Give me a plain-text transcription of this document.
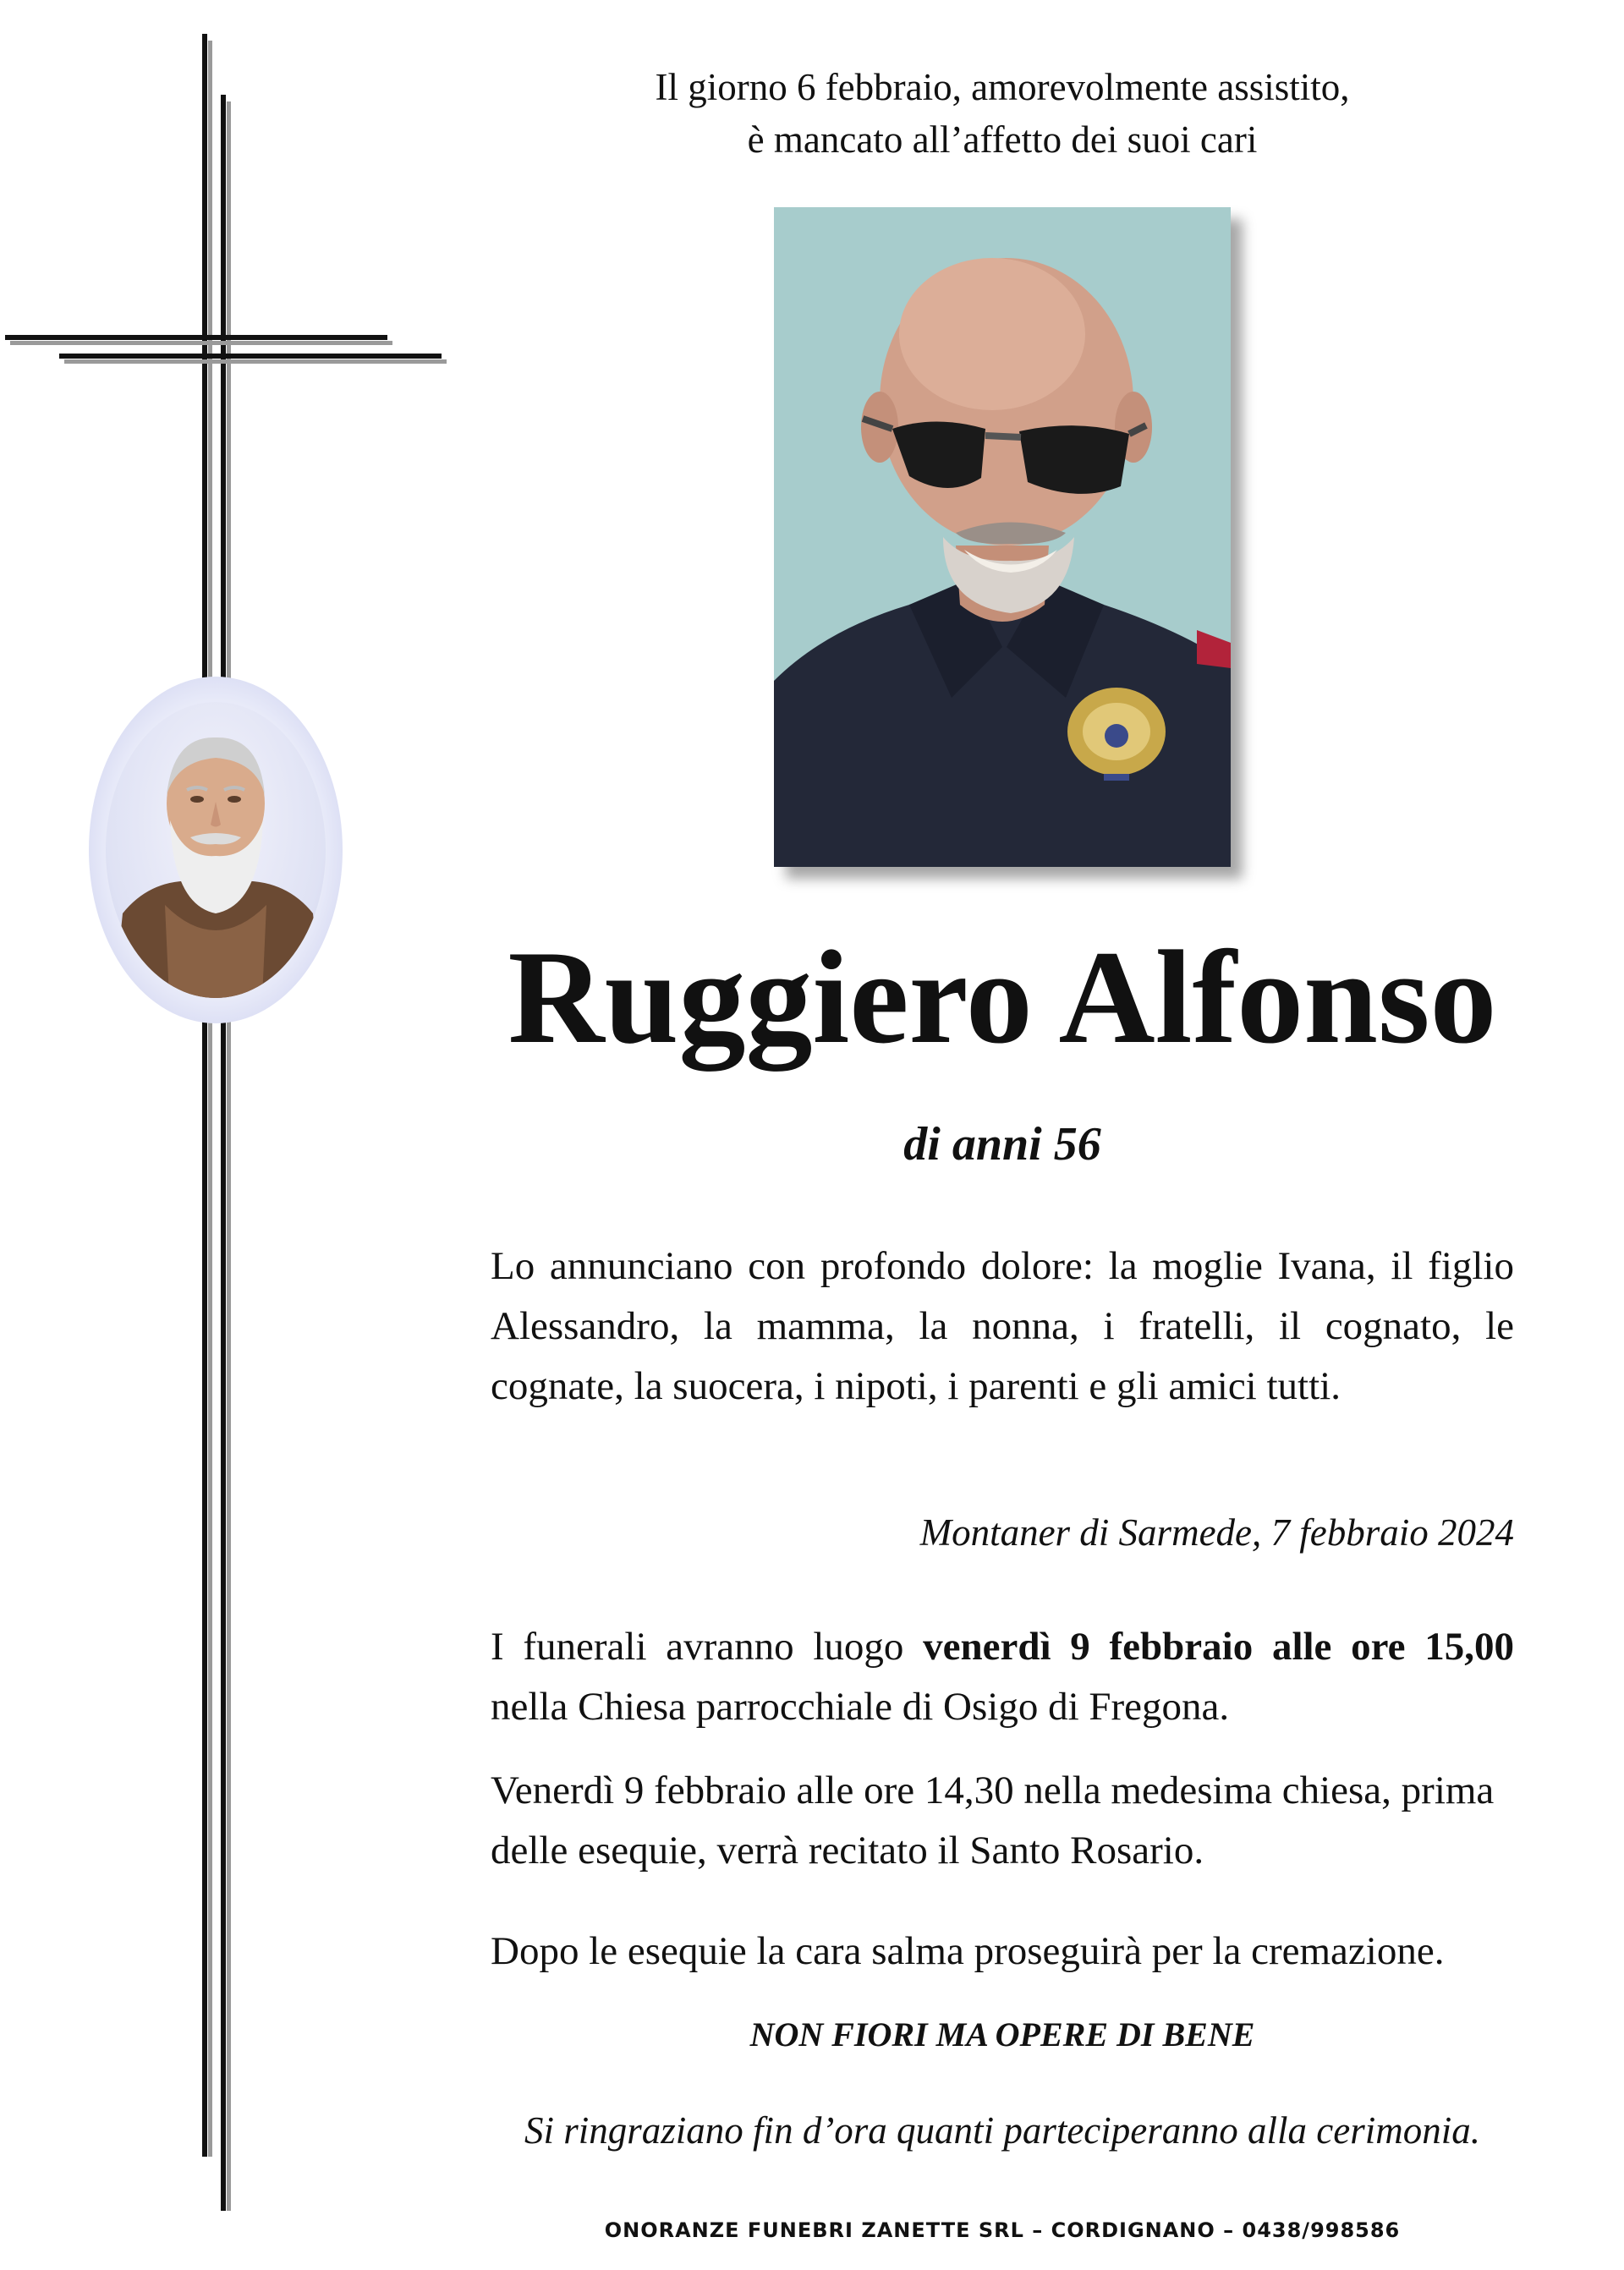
Il giorno 6 febbraio, amorevolmente assistito,
è mancato all’affetto dei suoi cari
Ruggiero Alfonso
di anni 56
Lo annunciano con profondo dolore: la moglie Ivana, il figlio Alessandro, la mamma, la nonna, i fratelli, il cognato, le cognate, la suocera, i nipoti, i parenti e gli amici tutti.
Montaner di Sarmede, 7 febbraio 2024
I funerali avranno luogo venerdì 9 febbraio alle ore 15,00 nella Chiesa parrocchiale di Osigo di Fregona.
Venerdì 9 febbraio alle ore 14,30 nella medesima chiesa, prima delle esequie, verrà recitato il Santo Rosario.
Dopo le esequie la cara salma proseguirà per la cremazione.
NON FIORI MA OPERE DI BENE
Si ringraziano fin d’ora quanti parteciperanno alla cerimonia.
ONORANZE FUNEBRI ZANETTE SRL – CORDIGNANO – 0438/998586
